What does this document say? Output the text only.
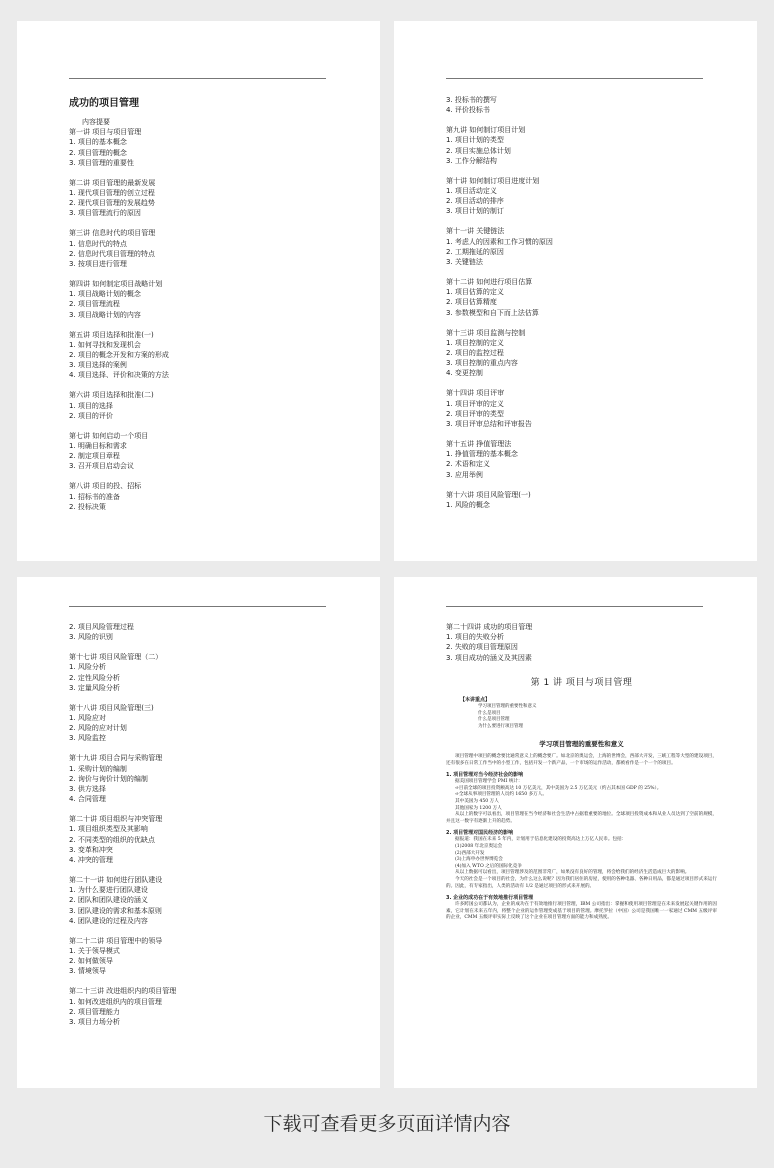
成功的项目管理
内容提要
第一讲 项目与项目管理
1. 项目的基本概念
2. 项目管理的概念
3. 项目管理的重要性
第二讲 项目管理的最新发展
1. 现代项目管理的创立过程
2. 现代项目管理的发展趋势
3. 项目管理流行的原因
第三讲 信息时代的项目管理
1. 信息时代的特点
2. 信息时代项目管理的特点
3. 按项目进行管理
第四讲 如何制定项目战略计划
1. 项目战略计划的概念
2. 项目管理流程
3. 项目战略计划的内容
第五讲 项目选择和批准(一)
1. 如何寻找和发现机会
2. 项目的概念开发和方案的形成
3. 项目选择的案例
4. 项目选择、评价和决策的方法
第六讲 项目选择和批准(二)
1. 项目的选择
2. 项目的评价
第七讲 如何启动一个项目
1. 明确目标和需求
2. 制定项目章程
3. 召开项目启动会议
第八讲 项目的投、招标
1. 招标书的准备
2. 投标决策
3. 投标书的撰写
4. 评价投标书
第九讲 如何制订项目计划
1. 项目计划的类型
2. 项目实施总体计划
3. 工作分解结构
第十讲 如何制订项目进度计划
1. 项目活动定义
2. 项目活动的排序
3. 项目计划的制订
第十一讲 关键链法
1. 考虑人的因素和工作习惯的原因
2. 工期拖延的原因
3. 关键链法
第十二讲 如何进行项目估算
1. 项目估算的定义
2. 项目估算精度
3. 参数模型和自下而上法估算
第十三讲 项目监测与控制
1. 项目控制的定义
2. 项目的监控过程
3. 项目控制的重点内容
4. 变更控制
第十四讲 项目评审
1. 项目评审的定义
2. 项目评审的类型
3. 项目评审总结和评审报告
第十五讲 挣值管理法
1. 挣值管理的基本概念
2. 术语和定义
3. 应用举例
第十六讲 项目风险管理(一)
1. 风险的概念
2. 项目风险管理过程
3. 风险的识别
第十七讲 项目风险管理（二）
1. 风险分析
2. 定性风险分析
3. 定量风险分析
第十八讲 项目风险管理(三)
1. 风险应对
2. 风险的应对计划
3. 风险监控
第十九讲 项目合同与采购管理
1. 采购计划的编制
2. 询价与询价计划的编制
3. 供方选择
4. 合同管理
第二十讲 项目组织与冲突管理
1. 项目组织类型及其影响
2. 不同类型的组织的优缺点
3. 变革和冲突
4. 冲突的管理
第二十一讲 如何进行团队建设
1. 为什么要进行团队建设
2. 团队和团队建设的涵义
3. 团队建设的需求和基本原则
4. 团队建设的过程及内容
第二十二讲 项目管理中的领导
1. 关于领导模式
2. 如何做领导
3. 情境领导
第二十三讲 改进组织内的项目管理
1. 如何改进组织内的项目管理
2. 项目管理能力
3. 项目力场分析
第二十四讲 成功的项目管理
1. 项目的失败分析
2. 失败的项目管理原因
3. 项目成功的涵义及其因素
第 1 讲 项目与项目管理
【本讲重点】
学习项目管理的重要性和意义
什么是项目
什么是项目管理
为什么要进行项目管理
学习项目管理的重要性和意义

项目管理中项目的概念要比通常意义上的概念要广。如北京的奥运会，上海的世博会，西部大开发，三峡工程等大型的建设项目，还有很多在日常工作当中的小型工作，包括开发一个新产品，一个市场的运作活动，都被看作是一个一个的项目。

1. 项目管理对当今经济社会的影响
据美国项目管理学会 PMI 统计：
➩目前全球的项目投资额高达 10 万亿美元，其中美国为 2.5 万亿美元（约占其本国 GDP 的 25%）。
➩全球从事项目管理的人员约 1650 多万人。
其中美国为 450 万人
其他国家为 1200 万人
从以上的数字可以看出，项目管理在当今经济和社会生活中占据着重要的地位。全球项目投资成本和从业人员达到了空前的规模，并且这一数字有逐渐上升的趋势。
2. 项目管理对国民经济的影响
据报道：我国在未来 5 年内，计划用于信息化建设的投资高达上万亿人民币。包括：
(1)2008 年北京奥运会
(2)西部大开发
(3)上海申办世界博览会
(4)加入 WTO 之后的国际化竞争
从以上数据可以看出，项目管理涉及的范围非常广，如果没有良好的管理，将会给我们的经济生活造成巨大的影响。
今天的社会是一个项目的社会，为什么这么说呢？因为我们居住的房屋，使用的各种电器、各种日用品，都是通过项目形式来运行的。因此，有专家指出，人类的活动有 1/2 是通过项目的形式来开展的。
3. 企业的成功在于有效地推行项目管理
许多跨国公司都认为，企业的成功在于有效地推行项目管理，IBM 公司指出：掌握和使用项目管理是在未来发展起关键作用的因素，它计划在未来五年内，将整个企业的运作管理变成基于项目的管理。摩托罗拉（中国）公司是我国唯一一家通过 CMM 五级评审的企业，CMM 五级评审实际上反映了这个企业在项目管理方面的能力和成熟度。
下载可查看更多页面详情内容
